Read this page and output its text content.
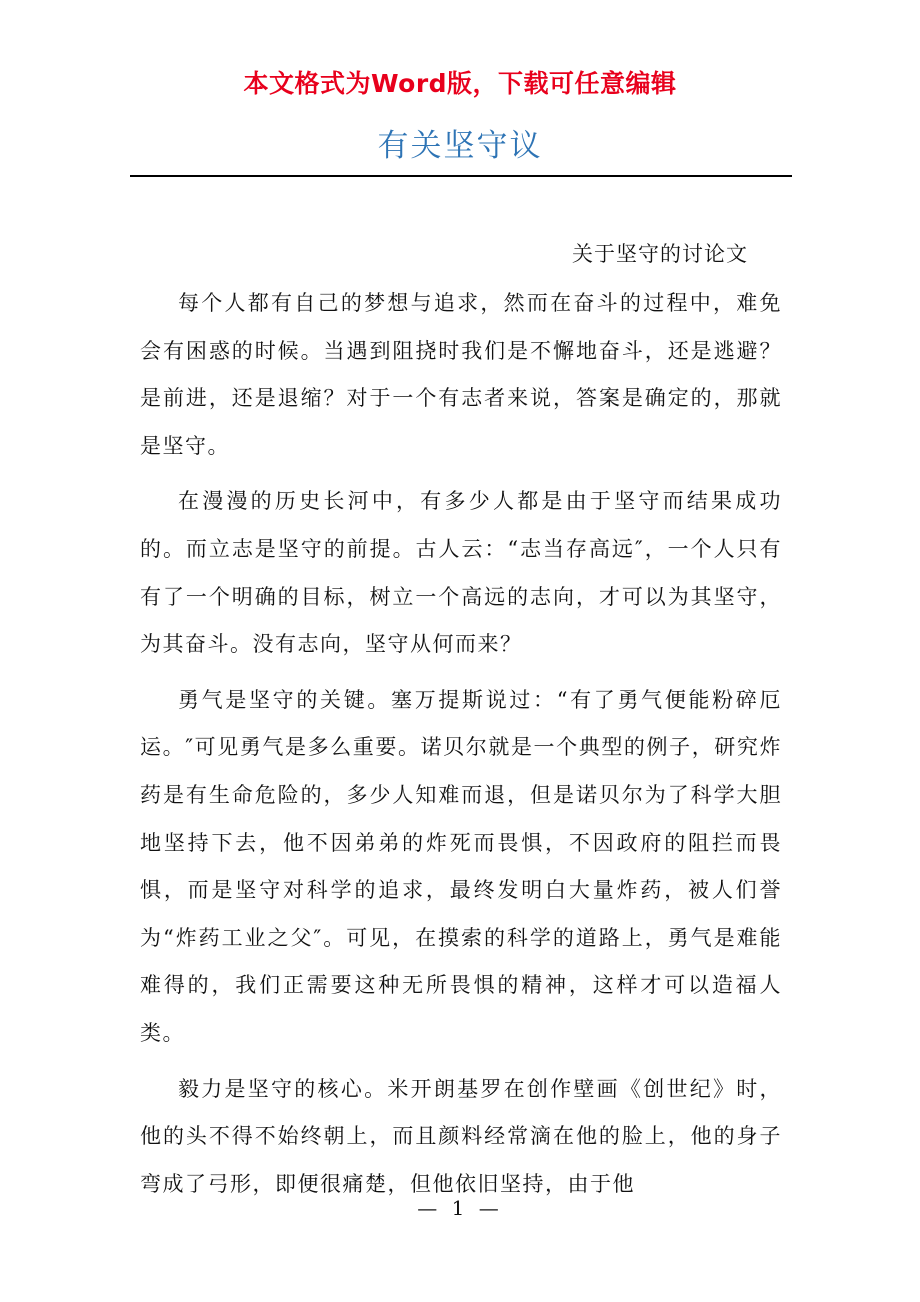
本文格式为Word版，下载可任意编辑
有关坚守议
关于坚守的讨论文

每个人都有自己的梦想与追求，然而在奋斗的过程中，难免会有困惑的时候。当遇到阻挠时我们是不懈地奋斗，还是逃避？是前进，还是退缩？对于一个有志者来说，答案是确定的，那就是坚守。

在漫漫的历史长河中，有多少人都是由于坚守而结果成功的。而立志是坚守的前提。古人云：“志当存高远″，一个人只有有了一个明确的目标，树立一个高远的志向，才可以为其坚守，为其奋斗。没有志向，坚守从何而来？

勇气是坚守的关键。塞万提斯说过：“有了勇气便能粉碎厄运。″可见勇气是多么重要。诺贝尔就是一个典型的例子，研究炸药是有生命危险的，多少人知难而退，但是诺贝尔为了科学大胆地坚持下去，他不因弟弟的炸死而畏惧，不因政府的阻拦而畏惧，而是坚守对科学的追求，最终发明白大量炸药，被人们誉为“炸药工业之父″。可见，在摸索的科学的道路上，勇气是难能难得的，我们正需要这种无所畏惧的精神，这样才可以造福人类。

毅力是坚守的核心。米开朗基罗在创作壁画《创世纪》时，他的头不得不始终朝上，而且颜料经常滴在他的脸上，他的身子弯成了弓形，即便很痛楚，但他依旧坚持，由于他

— 1 —
